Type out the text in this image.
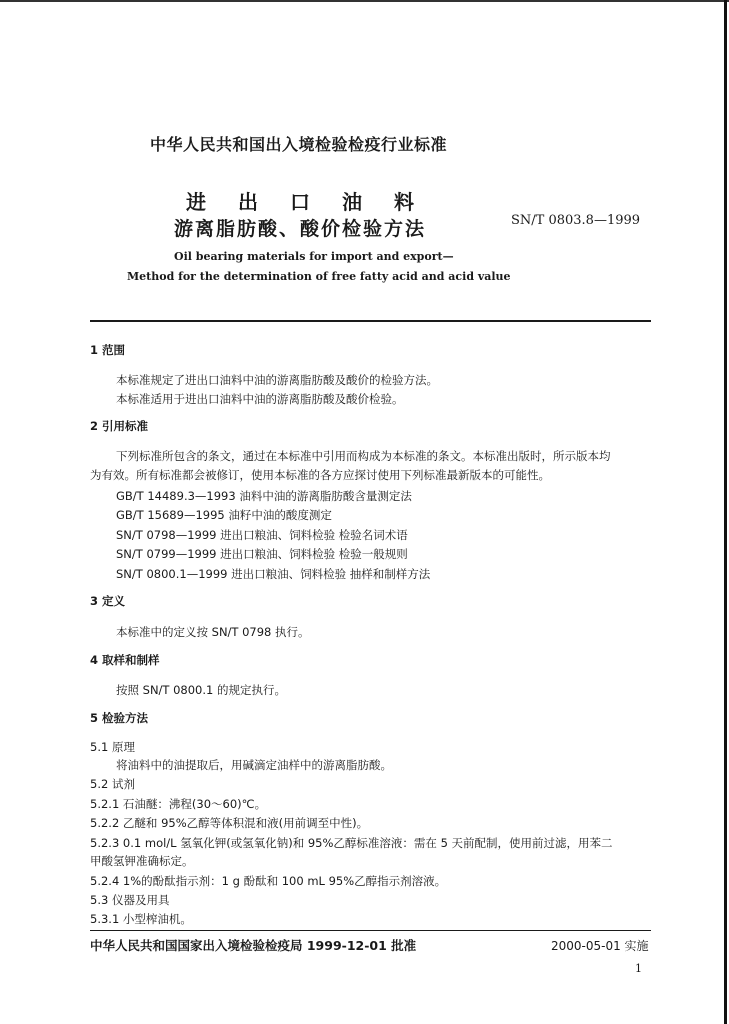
中华人民共和国出入境检验检疫行业标准
进出口油料
游离脂肪酸、酸价检验方法	SN/T 0803.8—1999
Oil bearing materials for import and export—
Method for the determination of free fatty acid and acid value
1 范围
本标准规定了进出口油料中油的游离脂肪酸及酸价的检验方法。
本标准适用于进出口油料中油的游离脂肪酸及酸价检验。
2 引用标准
下列标准所包含的条文，通过在本标准中引用而构成为本标准的条文。本标准出版时，所示版本均
为有效。所有标准都会被修订，使用本标准的各方应探讨使用下列标准最新版本的可能性。
GB/T 14489.3—1993 油料中油的游离脂肪酸含量测定法
GB/T 15689—1995 油籽中油的酸度测定
SN/T 0798—1999 进出口粮油、饲料检验 检验名词术语
SN/T 0799—1999 进出口粮油、饲料检验 检验一般规则
SN/T 0800.1—1999 进出口粮油、饲料检验 抽样和制样方法
3 定义
本标准中的定义按 SN/T 0798 执行。
4 取样和制样
按照 SN/T 0800.1 的规定执行。
5 检验方法
5.1 原理
将油料中的油提取后，用碱滴定油样中的游离脂肪酸。
5.2 试剂
5.2.1 石油醚：沸程(30～60)℃。
5.2.2 乙醚和 95%乙醇等体积混和液(用前调至中性)。
5.2.3 0.1 mol/L 氢氧化钾(或氢氧化钠)和 95%乙醇标准溶液：需在 5 天前配制，使用前过滤，用苯二
甲酸氢钾准确标定。
5.2.4 1%的酚酞指示剂：1 g 酚酞和 100 mL 95%乙醇指示剂溶液。
5.3 仪器及用具
5.3.1 小型榨油机。
中华人民共和国国家出入境检验检疫局 1999-12-01 批准	2000-05-01 实施
1
